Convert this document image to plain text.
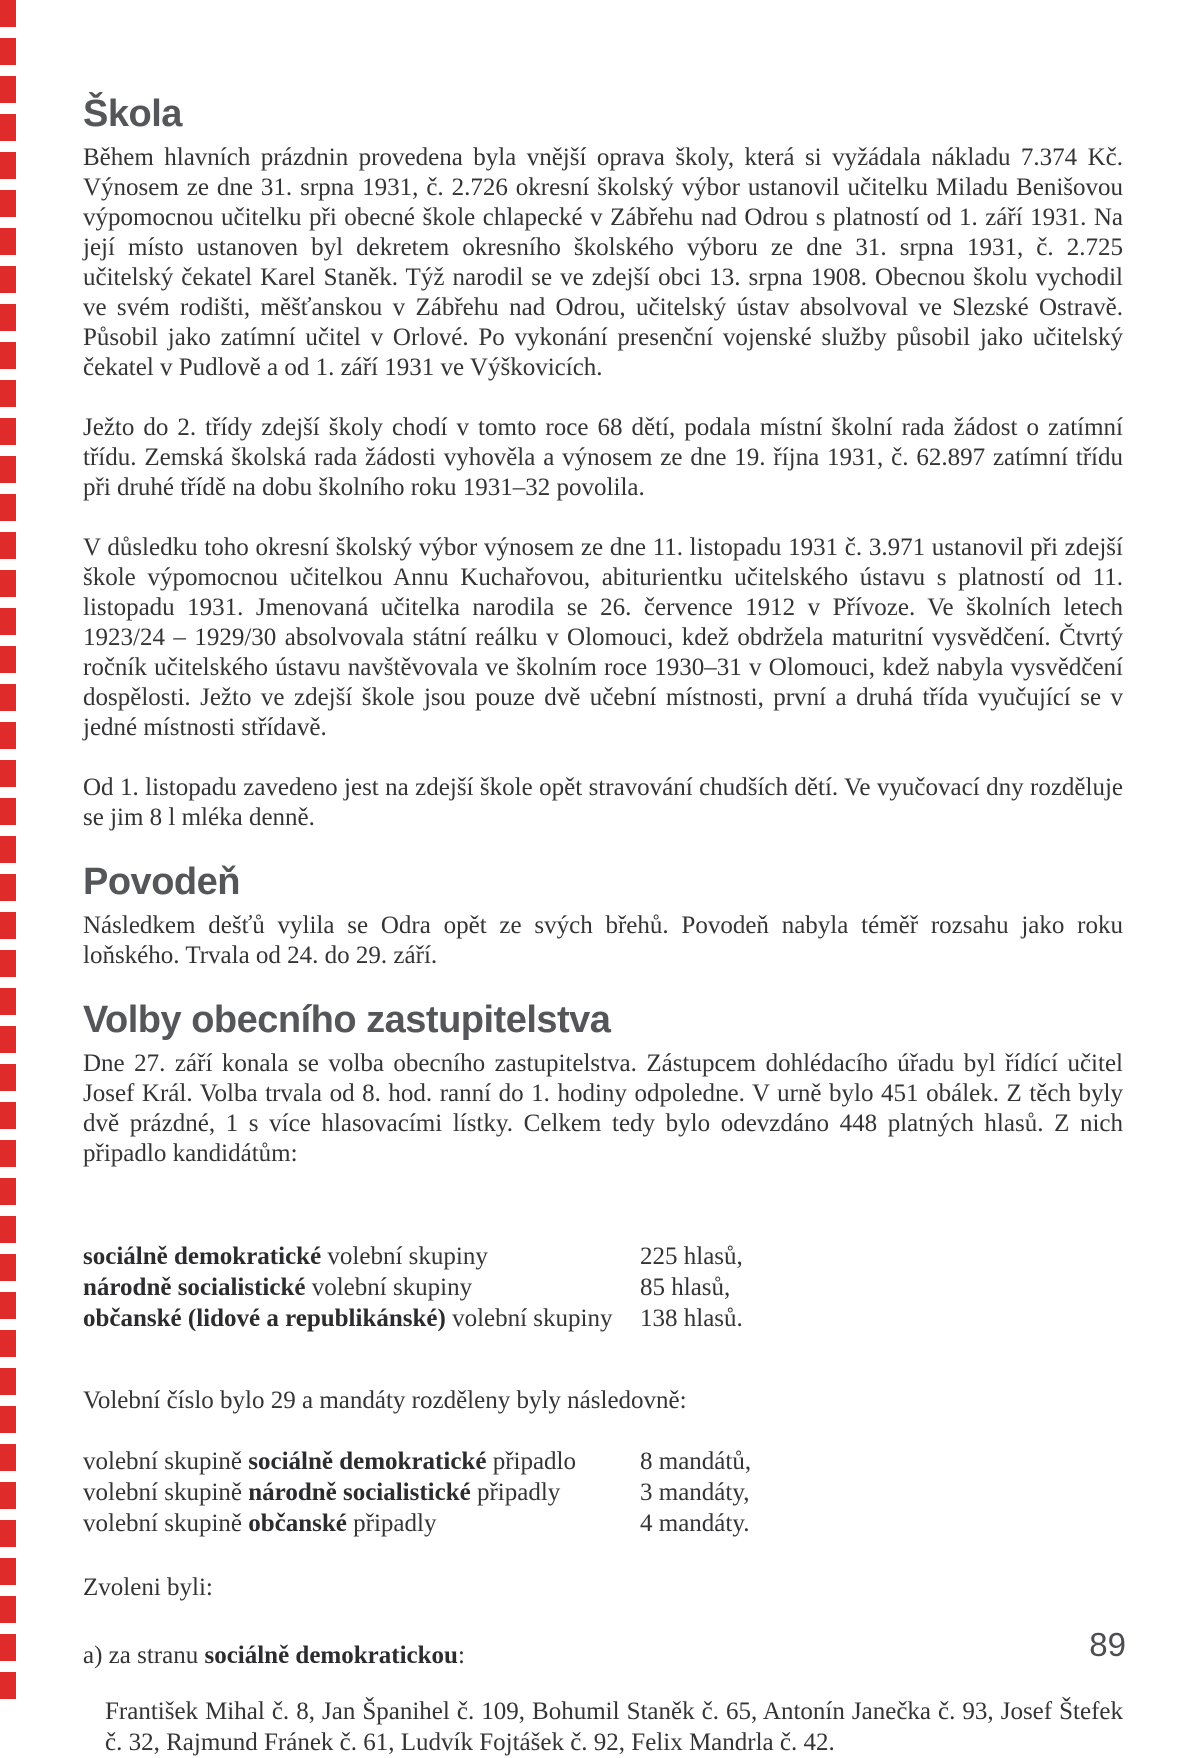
Škola

Během hlavních prázdnin provedena byla vnější oprava školy, která si vyžádala nákladu 7.374 Kč. Výnosem ze dne 31. srpna 1931, č. 2.726 okresní školský výbor ustanovil učitelku Miladu Benišovou výpomocnou učitelku při obecné škole chlapecké v Zábřehu nad Odrou s platností od 1. září 1931. Na její místo ustanoven byl dekretem okresního školského výboru ze dne 31. srpna 1931, č. 2.725 učitelský čekatel Karel Staněk. Týž narodil se ve zdejší obci 13. srpna 1908. Obecnou školu vychodil ve svém rodišti, měšťanskou v Zábřehu nad Odrou, učitelský ústav absolvoval ve Slezské Ostravě. Působil jako zatímní učitel v Orlové. Po vykonání presenční vojenské služby působil jako učitelský čekatel v Pudlově a od 1. září 1931 ve Výškovicích.

Ježto do 2. třídy zdejší školy chodí v tomto roce 68 dětí, podala místní školní rada žádost o zatímní třídu. Zemská školská rada žádosti vyhověla a výnosem ze dne 19. října 1931, č. 62.897 zatímní třídu při druhé třídě na dobu školního roku 1931–32 povolila.

V důsledku toho okresní školský výbor výnosem ze dne 11. listopadu 1931 č. 3.971 ustanovil při zdejší škole výpomocnou učitelkou Annu Kuchařovou, abiturientku učitelského ústavu s platností od 11. listopadu 1931. Jmenovaná učitelka narodila se 26. července 1912 v Přívoze. Ve školních letech 1923/24 – 1929/30 absolvovala státní reálku v Olomouci, kdež obdržela maturitní vysvědčení. Čtvrtý ročník učitelského ústavu navštěvovala ve školním roce 1930–31 v Olomouci, kdež nabyla vysvědčení dospělosti. Ježto ve zdejší škole jsou pouze dvě učební místnosti, první a druhá třída vyučující se v jedné místnosti střídavě.

Od 1. listopadu zavedeno jest na zdejší škole opět stravování chudších dětí. Ve vyučovací dny rozděluje se jim 8 l mléka denně.

Povodeň

Následkem dešťů vylila se Odra opět ze svých břehů. Povodeň nabyla téměř rozsahu jako roku loňského. Trvala od 24. do 29. září.

Volby obecního zastupitelstva

Dne 27. září konala se volba obecního zastupitelstva. Zástupcem dohlédacího úřadu byl řídící učitel Josef Král. Volba trvala od 8. hod. ranní do 1. hodiny odpoledne. V urně bylo 451 obálek. Z těch byly dvě prázdné, 1 s více hlasovacími lístky. Celkem tedy bylo odevzdáno 448 platných hlasů. Z nich připadlo kandidátům:

sociálně demokratické volební skupiny	225 hlasů,
národně socialistické volební skupiny	85 hlasů,
občanské (lidové a republikánské) volební skupiny	138 hlasů.

Volební číslo bylo 29 a mandáty rozděleny byly následovně:

volební skupině sociálně demokratické připadlo	8 mandátů,
volební skupině národně socialistické připadly	3 mandáty,
volební skupině občanské připadly	4 mandáty.

Zvoleni byli:

a) za stranu sociálně demokratickou:

František Mihal č. 8, Jan Španihel č. 109, Bohumil Staněk č. 65, Antonín Janečka č. 93, Josef Štefek č. 32, Rajmund Fránek č. 61, Ludvík Fojtášek č. 92, Felix Mandrla č. 42.

89
